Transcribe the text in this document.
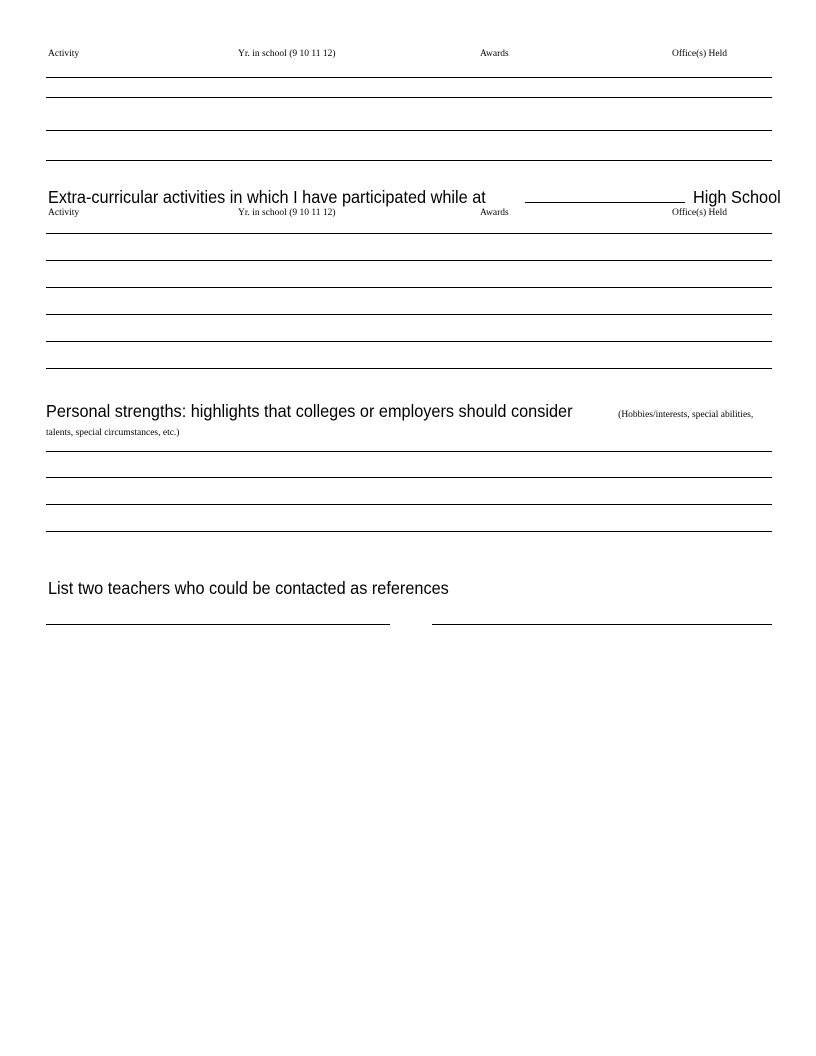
Activity	Yr. in school (9 10 11 12)	Awards	Office(s) Held
Extra-curricular activities in which I have participated while at	High School
Activity	Yr. in school (9 10 11 12)	Awards	Office(s) Held
Personal strengths: highlights that colleges or employers should consider	(Hobbies/interests, special abilities, talents, special circumstances, etc.)
List two teachers who could be contacted as references
